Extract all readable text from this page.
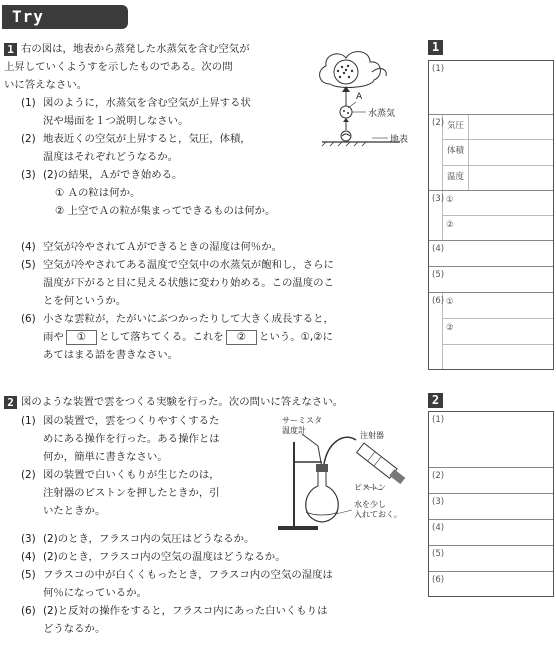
Try
1 右の図は，地表から蒸発した水蒸気を含む空気が
上昇していくようすを示したものである。次の問
いに答えなさい。
(1) 図のように，水蒸気を含む空気が上昇する状
況や場面を１つ説明しなさい。
(2) 地表近くの空気が上昇すると，気圧，体積，
温度はそれぞれどうなるか。
(3) (2)の結果，Ａができ始める。
① Ａの粒は何か。
② 上空でＡの粒が集まってできるものは何か。
(4) 空気が冷やされてＡができるときの湿度は何％か。
(5) 空気が冷やされてある温度で空気中の水蒸気が飽和し，さらに
温度が下がると目に見える状態に変わり始める。この温度のこ
とを何というか。
(6) 小さな雲粒が，たがいにぶつかったりして大きく成長すると，
雨や ① として落ちてくる。これを ② という。①,②に
あてはまる語を書きなさい。
A
水蒸気
地表
2 図のような装置で雲をつくる実験を行った。次の問いに答えなさい。
(1) 図の装置で，雲をつくりやすくするた
めにある操作を行った。ある操作とは
何か，簡単に書きなさい。
(2) 図の装置で白いくもりが生じたのは，
注射器のピストンを押したときか，引
いたときか。
(3) (2)のとき，フラスコ内の気圧はどうなるか。
(4) (2)のとき，フラスコ内の空気の温度はどうなるか。
(5) フラスコの中が白くくもったとき，フラスコ内の空気の湿度は
何％になっているか。
(6) (2)と反対の操作をすると，フラスコ内にあった白いくもりは
どうなるか。
サーミスタ
温度計
注射器
ピストン
水を少し
入れておく。
1
(1)
(2) 気圧
体積
温度
(3) ①
②
(4)
(5)
(6) ①
②
2
(1)
(2)
(3)
(4)
(5)
(6)
